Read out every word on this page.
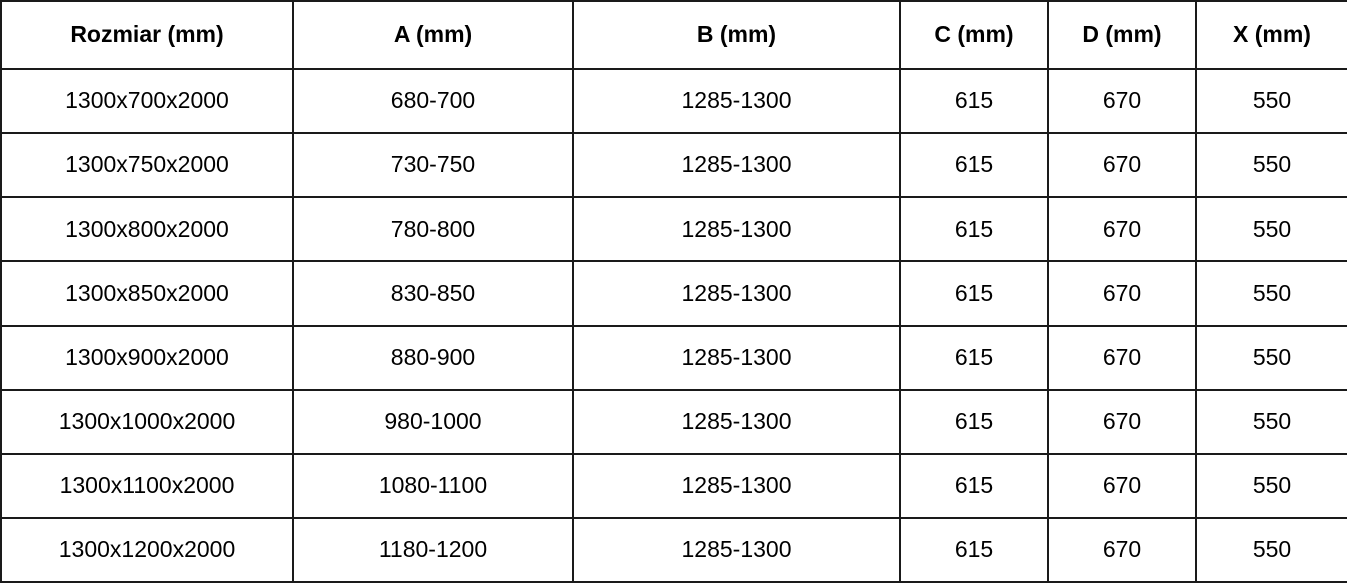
Rozmiar (mm)	A (mm)	B (mm)	C (mm)	D (mm)	X (mm)
1300x700x2000	680-700	1285-1300	615	670	550
1300x750x2000	730-750	1285-1300	615	670	550
1300x800x2000	780-800	1285-1300	615	670	550
1300x850x2000	830-850	1285-1300	615	670	550
1300x900x2000	880-900	1285-1300	615	670	550
1300x1000x2000	980-1000	1285-1300	615	670	550
1300x1100x2000	1080-1100	1285-1300	615	670	550
1300x1200x2000	1180-1200	1285-1300	615	670	550
